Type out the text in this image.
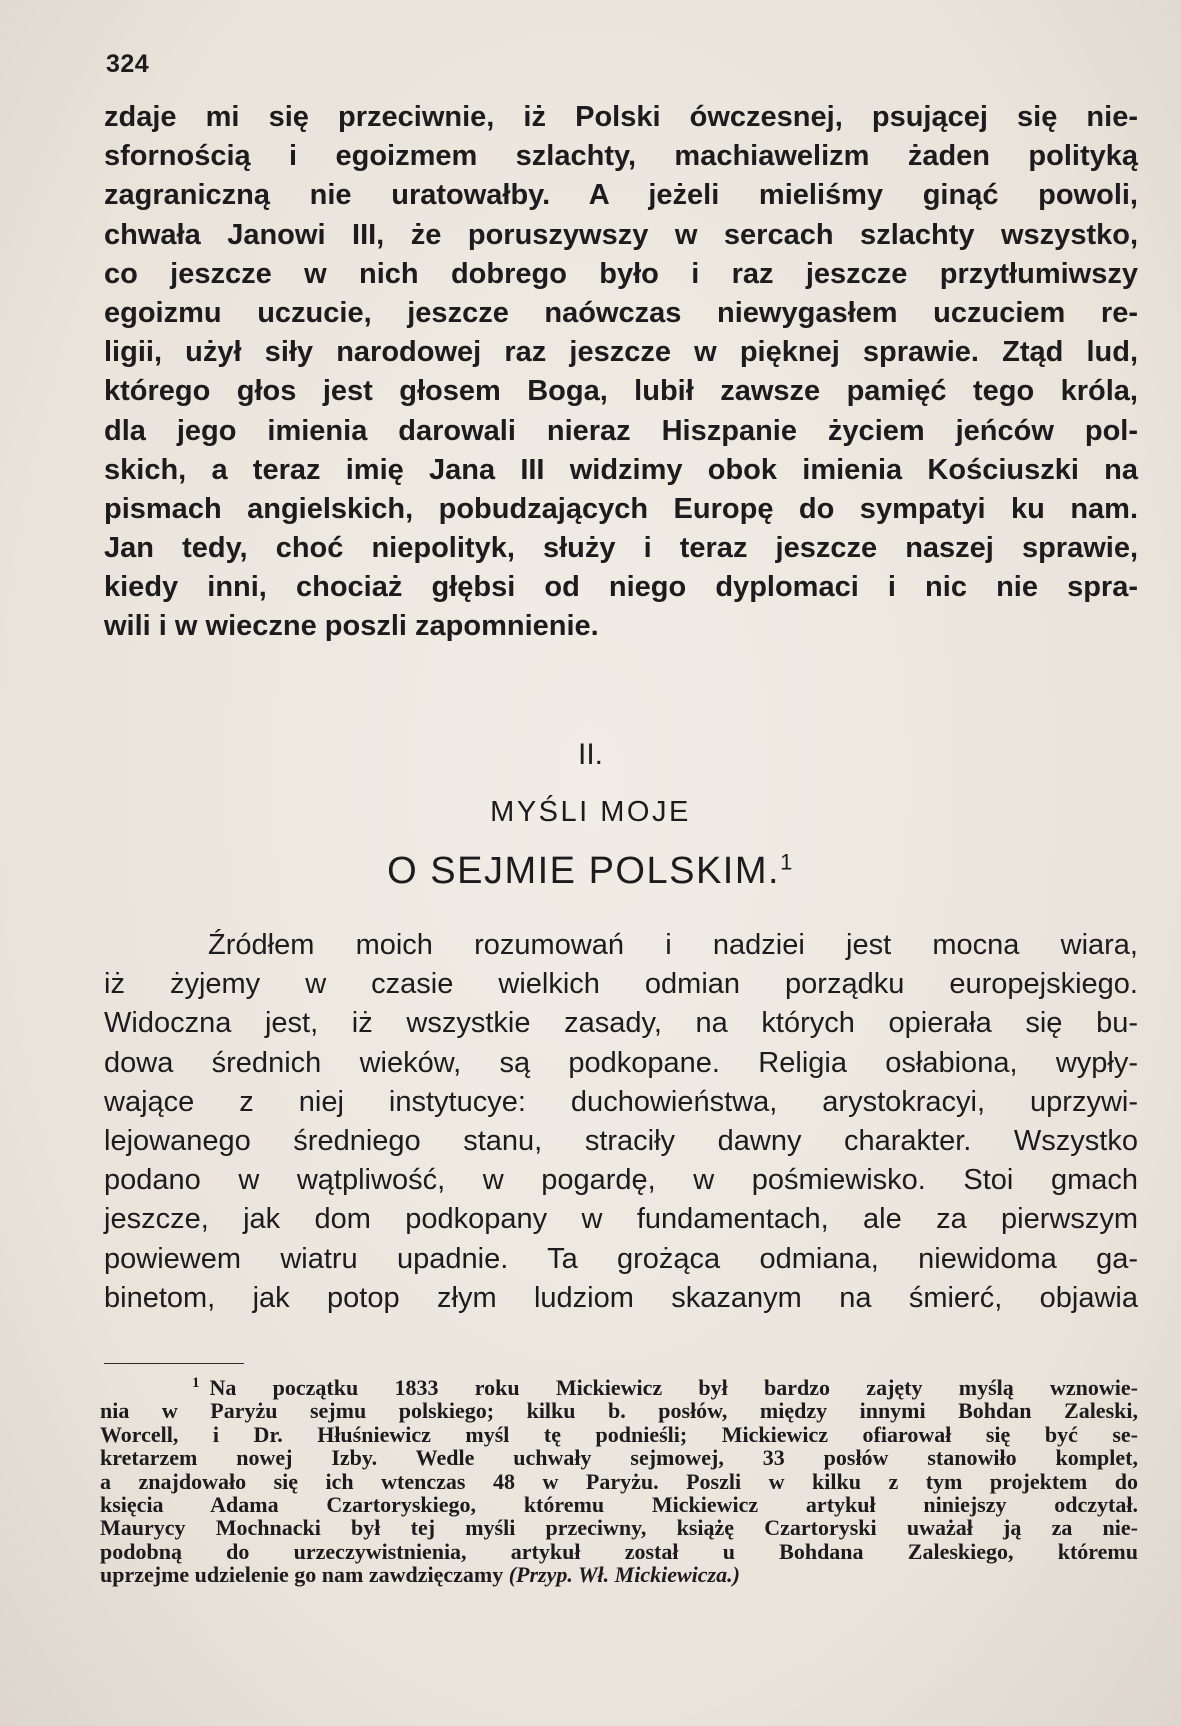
324
zdaje mi się przeciwnie, iż Polski ówczesnej, psującej się nie-
sfornością i egoizmem szlachty, machiawelizm żaden polityką
zagraniczną nie uratowałby. A jeżeli mieliśmy ginąć powoli,
chwała Janowi III, że poruszywszy w sercach szlachty wszystko,
co jeszcze w nich dobrego było i raz jeszcze przytłumiwszy
egoizmu uczucie, jeszcze naówczas niewygasłem uczuciem re-
ligii, użył siły narodowej raz jeszcze w pięknej sprawie. Ztąd lud,
którego głos jest głosem Boga, lubił zawsze pamięć tego króla,
dla jego imienia darowali nieraz Hiszpanie życiem jeńców pol-
skich, a teraz imię Jana III widzimy obok imienia Kościuszki na
pismach angielskich, pobudzających Europę do sympatyi ku nam.
Jan tedy, choć niepolityk, służy i teraz jeszcze naszej sprawie,
kiedy inni, chociaż głębsi od niego dyplomaci i nic nie spra-
wili i w wieczne poszli zapomnienie.
II.
MYŚLI MOJE
O SEJMIE POLSKIM.$^1$
Źródłem moich rozumowań i nadziei jest mocna wiara,
iż żyjemy w czasie wielkich odmian porządku europejskiego.
Widoczna jest, iż wszystkie zasady, na których opierała się bu-
dowa średnich wieków, są podkopane. Religia osłabiona, wypły-
wające z niej instytucye: duchowieństwa, arystokracyi, uprzywi-
lejowanego średniego stanu, straciły dawny charakter. Wszystko
podano w wątpliwość, w pogardę, w pośmiewisko. Stoi gmach
jeszcze, jak dom podkopany w fundamentach, ale za pierwszym
powiewem wiatru upadnie. Ta grożąca odmiana, niewidoma ga-
binetom, jak potop złym ludziom skazanym na śmierć, objawia
$^1$ Na początku 1833 roku Mickiewicz był bardzo zajęty myślą wznowie-
nia w Paryżu sejmu polskiego; kilku b. posłów, między innymi Bohdan Zaleski,
Worcell, i Dr. Hłuśniewicz myśl tę podnieśli; Mickiewicz ofiarował się być se-
kretarzem nowej Izby. Wedle uchwały sejmowej, 33 posłów stanowiło komplet,
a znajdowało się ich wtenczas 48 w Paryżu. Poszli w kilku z tym projektem do
księcia Adama Czartoryskiego, któremu Mickiewicz artykuł niniejszy odczytał.
Maurycy Mochnacki był tej myśli przeciwny, książę Czartoryski uważał ją za nie-
podobną do urzeczywistnienia, artykuł został u Bohdana Zaleskiego, któremu
uprzejme udzielenie go nam zawdzięczamy (Przyp. Wł. Mickiewicza.)
